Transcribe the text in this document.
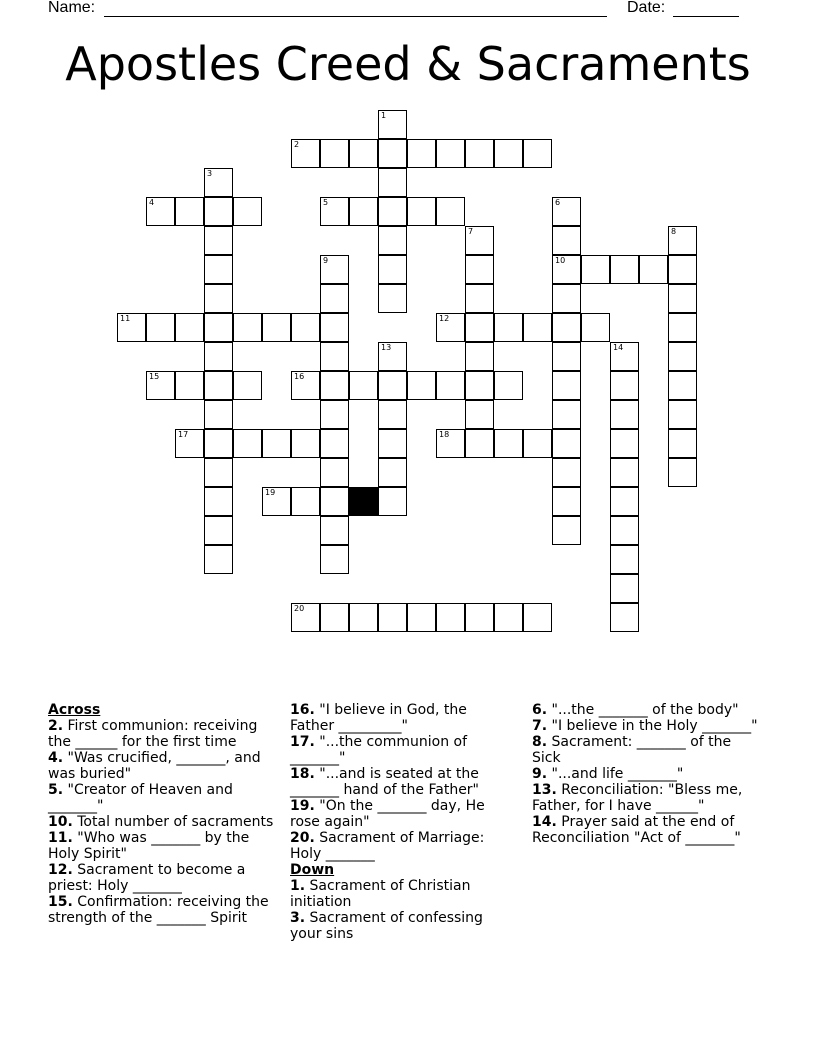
Name:	Date:
Apostles Creed & Sacraments
1
2
3
4	5	6
10
7	8
9
11	12
13	14
15	16
17	18
19
20
Across
2. First communion: receiving the ______ for the first time
4. "Was crucified, _______, and was buried"
5. "Creator of Heaven and _______"
10. Total number of sacraments
11. "Who was _______ by the Holy Spirit"
12. Sacrament to become a priest: Holy _______
15. Confirmation: receiving the strength of the _______ Spirit
16. "I believe in God, the Father _________"
17. "...the communion of _______"
18. "...and is seated at the _______ hand of the Father"
19. "On the _______ day, He rose again"
20. Sacrament of Marriage: Holy _______
Down
1. Sacrament of Christian initiation
3. Sacrament of confessing your sins
6. "...the _______ of the body"
7. "I believe in the Holy _______"
8. Sacrament: _______ of the Sick
9. "...and life _______"
13. Reconciliation: "Bless me, Father, for I have ______"
14. Prayer said at the end of Reconciliation "Act of _______"
